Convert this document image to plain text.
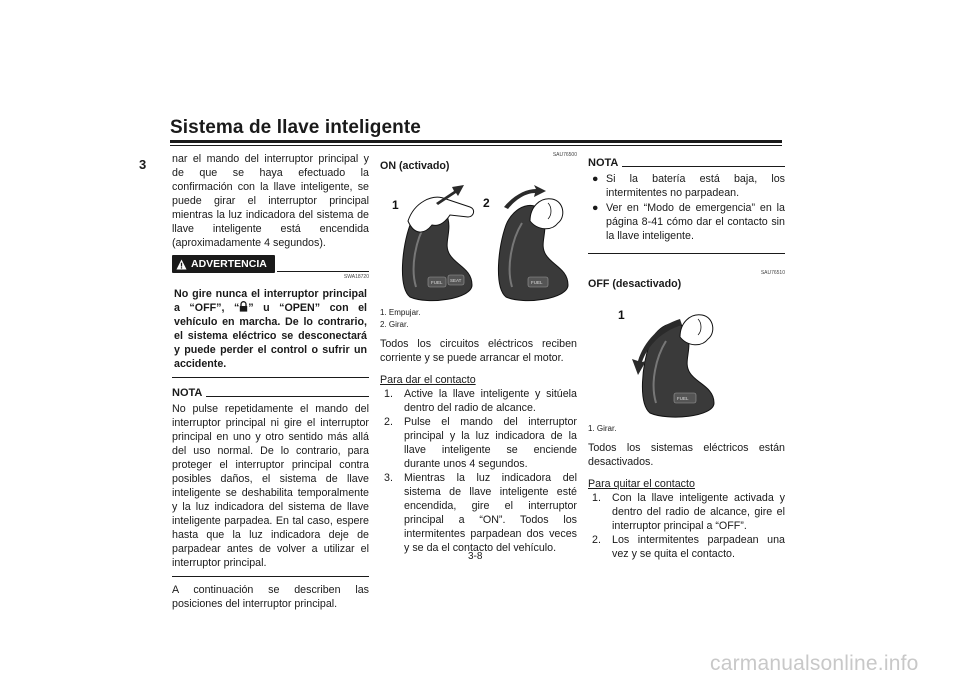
Sistema de llave inteligente
3 nar el mando del interruptor principal y de que se haya efectuado la confirmación con la llave inteligente, se puede girar el interruptor principal mientras la luz indicadora del sistema de llave inteligente está encendida (aproximadamente 4 segundos).

ADVERTENCIA
SWA18720

No gire nunca el interruptor principal a “OFF”, “ ” u “OPEN” con el vehículo en marcha. De lo contrario, el sistema eléctrico se desconectará y puede perder el control o sufrir un accidente.

NOTA

No pulse repetidamente el mando del interruptor principal ni gire el interruptor principal en uno y otro sentido más allá del uso normal. De lo contrario, para proteger el interruptor principal contra posibles daños, el sistema de llave inteligente se deshabilita temporalmente y la luz indicadora del sistema de llave inteligente parpadea. En tal caso, espere hasta que la luz indicadora deje de parpadear antes de volver a utilizar el interruptor principal.

A continuación se describen las posiciones del interruptor principal.

SAU76500
ON (activado)
FUEL SEAT
1
FUEL
2
1. Empujar.
2. Girar.

Todos los circuitos eléctricos reciben corriente y se puede arrancar el motor.

Para dar el contacto
1.	Active la llave inteligente y sitúela dentro del radio de alcance.
2.	Pulse el mando del interruptor principal y la luz indicadora de la llave inteligente se enciende durante unos 4 segundos.
3.	Mientras la luz indicadora del sistema de llave inteligente esté encendida, gire el interruptor principal a “ON”. Todos los intermitentes parpadean dos veces y se da el contacto del vehículo.
NOTA
● Si la batería está baja, los intermitentes no parpadean.
● Ver en “Modo de emergencia” en la página 8-41 cómo dar el contacto sin la llave inteligente.
SAU76510
OFF (desactivado)
FUEL
1
1. Girar.

Todos los sistemas eléctricos están desactivados.

Para quitar el contacto
1.	Con la llave inteligente activada y dentro del radio de alcance, gire el interruptor principal a “OFF”.
2.	Los intermitentes parpadean una vez y se quita el contacto.
3-8
carmanualsonline.info
